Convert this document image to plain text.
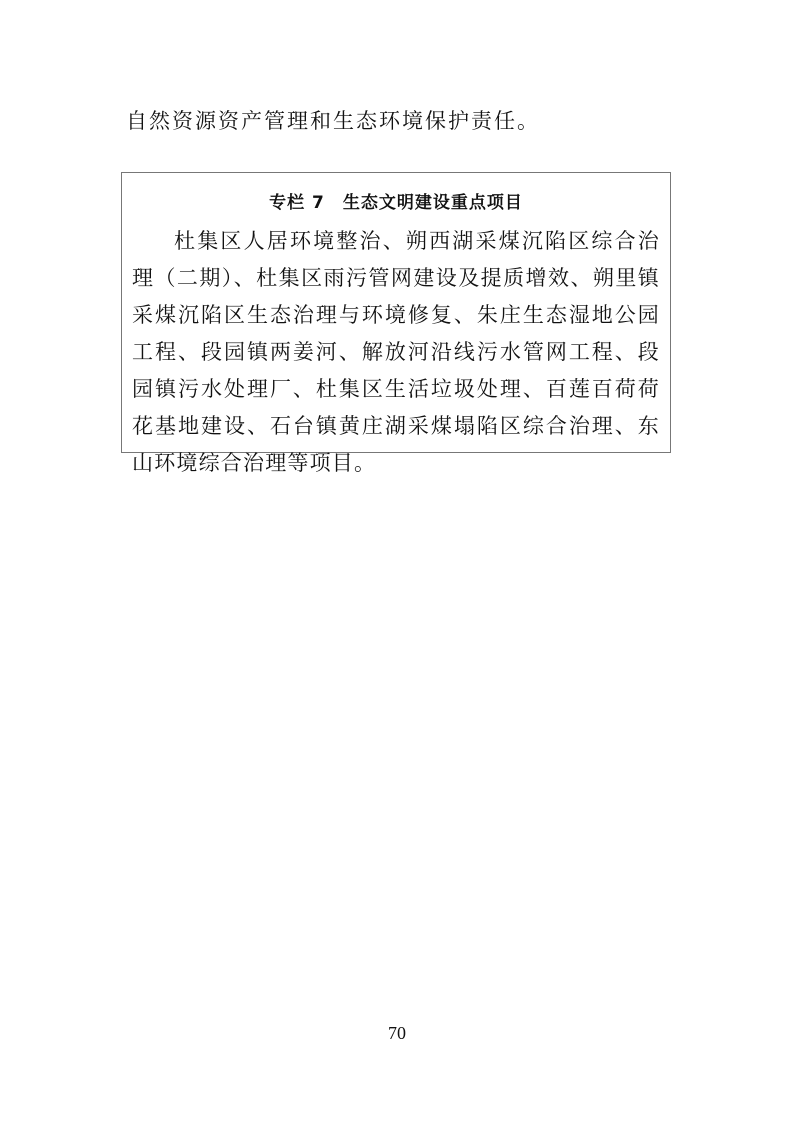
自然资源资产管理和生态环境保护责任。
专栏 7　生态文明建设重点项目
杜集区人居环境整治、朔西湖采煤沉陷区综合治理（二期）、杜集区雨污管网建设及提质增效、朔里镇采煤沉陷区生态治理与环境修复、朱庄生态湿地公园工程、段园镇两姜河、解放河沿线污水管网工程、段园镇污水处理厂、杜集区生活垃圾处理、百莲百荷荷花基地建设、石台镇黄庄湖采煤塌陷区综合治理、东山环境综合治理等项目。
70
